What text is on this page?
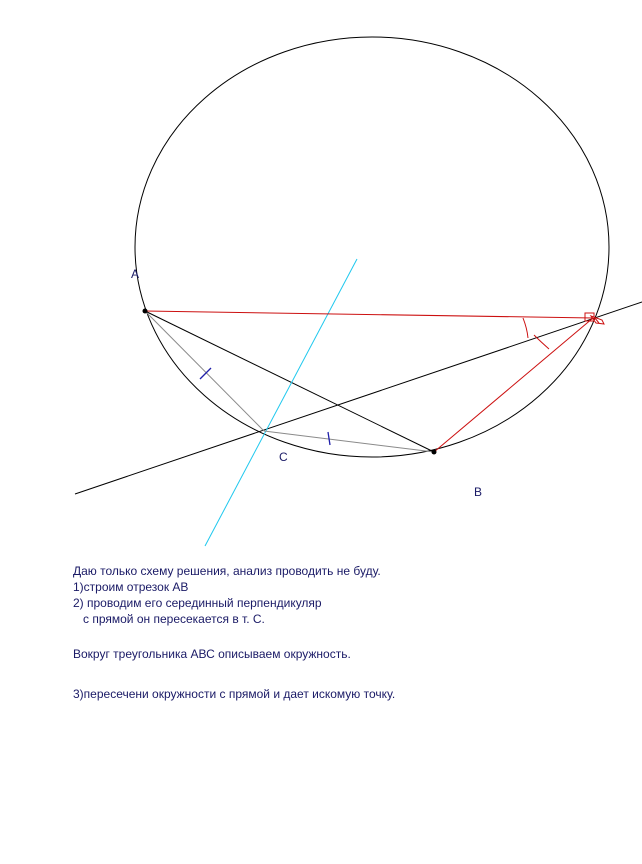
A
B
C
Даю только схему решения, анализ проводить не буду.
1)строим отрезок АВ
2) проводим его серединный перпендикуляр
с прямой он пересекается в т. С.
Вокруг треугольника АВС описываем окружность.
3)пересечени окружности с прямой и дает искомую точку.
